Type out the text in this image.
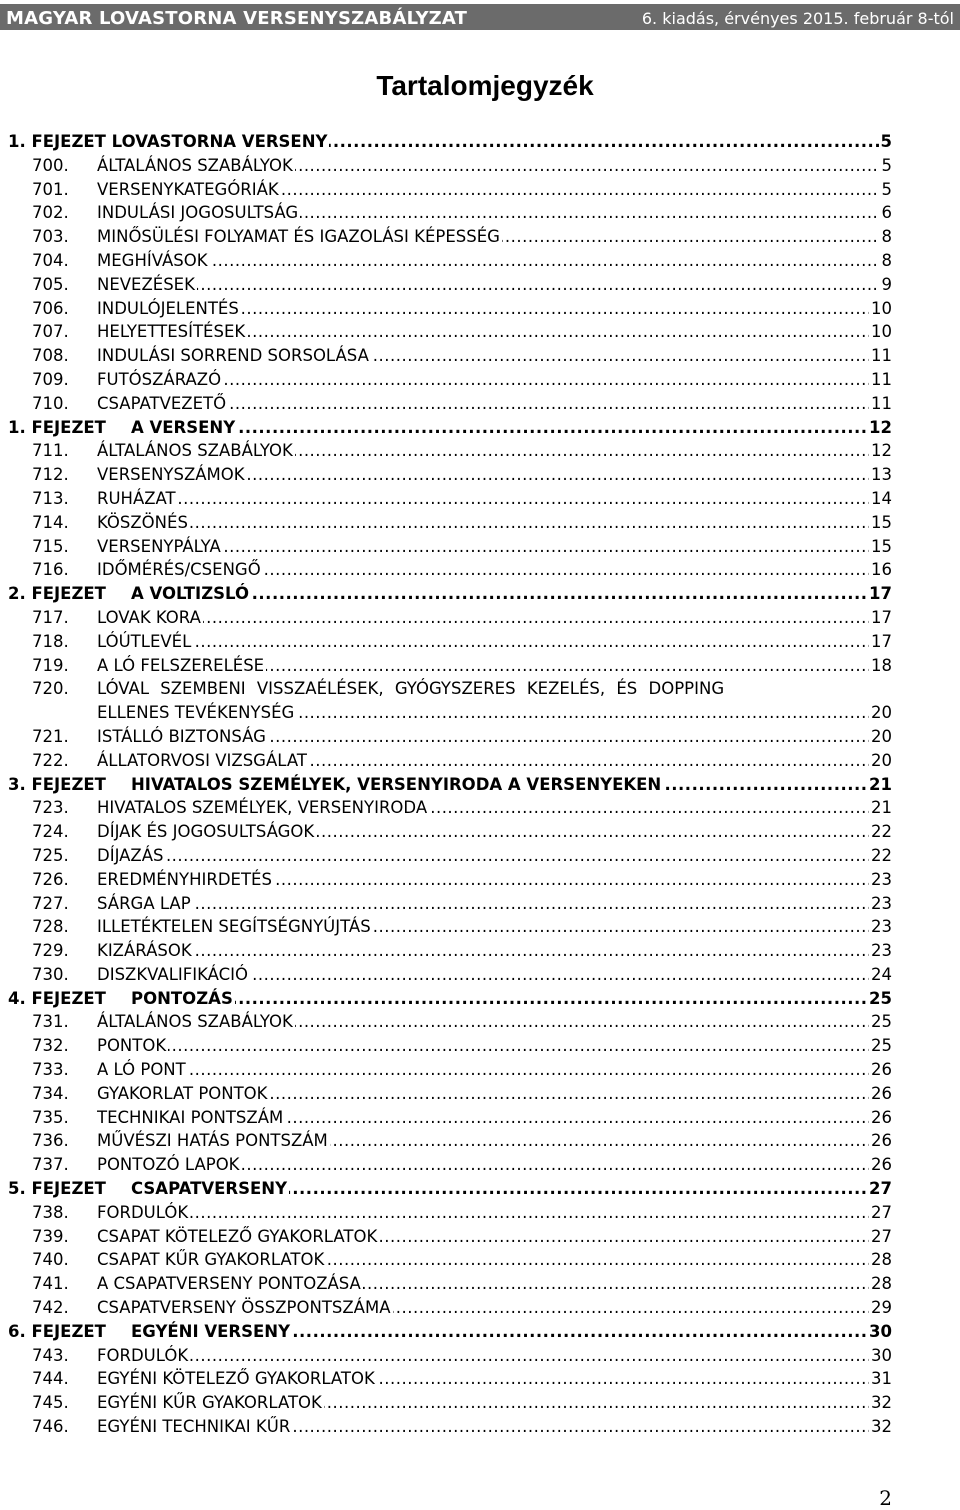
MAGYAR LOVASTORNA VERSENYSZABÁLYZAT	6. kiadás, érvényes 2015. február 8-tól
Tartalomjegyzék
1. FEJEZET LOVASTORNA VERSENY .....	5
700. ÁLTALÁNOS SZABÁLYOK .....	5
701. VERSENYKATEGÓRIÁK .....	5
702. INDULÁSI JOGOSULTSÁG .....	6
703. MINŐSÜLÉSI FOLYAMAT ÉS IGAZOLÁSI KÉPESSÉG .....	8
704. MEGHÍVÁSOK .....	8
705. NEVEZÉSEK .....	9
706. INDULÓJELENTÉS .....	10
707. HELYETTESÍTÉSEK .....	10
708. INDULÁSI SORREND SORSOLÁSA .....	11
709. FUTÓSZÁRAZÓ .....	11
710. CSAPATVEZETŐ .....	11
1. FEJEZET A VERSENY .....	12
711. ÁLTALÁNOS SZABÁLYOK .....	12
712. VERSENYSZÁMOK .....	13
713. RUHÁZAT .....	14
714. KÖSZÖNÉS .....	15
715. VERSENYPÁLYA .....	15
716. IDŐMÉRÉS/CSENGŐ .....	16
2. FEJEZET A VOLTIZSLÓ .....	17
717. LOVAK KORA .....	17
718. LÓÚTLEVÉL .....	17
719. A LÓ FELSZERELÉSE .....	18
720. LÓVAL SZEMBENI VISSZAÉLÉSEK, GYÓGYSZERES KEZELÉS, ÉS DOPPING
ELLENES TEVÉKENYSÉG .....	20
721. ISTÁLLÓ BIZTONSÁG .....	20
722. ÁLLATORVOSI VIZSGÁLAT .....	20
3. FEJEZET HIVATALOS SZEMÉLYEK, VERSENYIRODA A VERSENYEKEN .....	21
723. HIVATALOS SZEMÉLYEK, VERSENYIRODA .....	21
724. DÍJAK ÉS JOGOSULTSÁGOK .....	22
725. DÍJAZÁS .....	22
726. EREDMÉNYHIRDETÉS .....	23
727. SÁRGA LAP .....	23
728. ILLETÉKTELEN SEGÍTSÉGNYÚJTÁS .....	23
729. KIZÁRÁSOK .....	23
730. DISZKVALIFIKÁCIÓ .....	24
4. FEJEZET PONTOZÁS .....	25
731. ÁLTALÁNOS SZABÁLYOK .....	25
732. PONTOK .....	25
733. A LÓ PONT .....	26
734. GYAKORLAT PONTOK .....	26
735. TECHNIKAI PONTSZÁM .....	26
736. MŰVÉSZI HATÁS PONTSZÁM .....	26
737. PONTOZÓ LAPOK .....	26
5. FEJEZET CSAPATVERSENY .....	27
738. FORDULÓK .....	27
739. CSAPAT KÖTELEZŐ GYAKORLATOK .....	27
740. CSAPAT KŰR GYAKORLATOK .....	28
741. A CSAPATVERSENY PONTOZÁSA .....	28
742. CSAPATVERSENY ÖSSZPONTSZÁMA .....	29
6. FEJEZET EGYÉNI VERSENY .....	30
743. FORDULÓK .....	30
744. EGYÉNI KÖTELEZŐ GYAKORLATOK .....	31
745. EGYÉNI KŰR GYAKORLATOK .....	32
746. EGYÉNI TECHNIKAI KŰR .....	32
2
